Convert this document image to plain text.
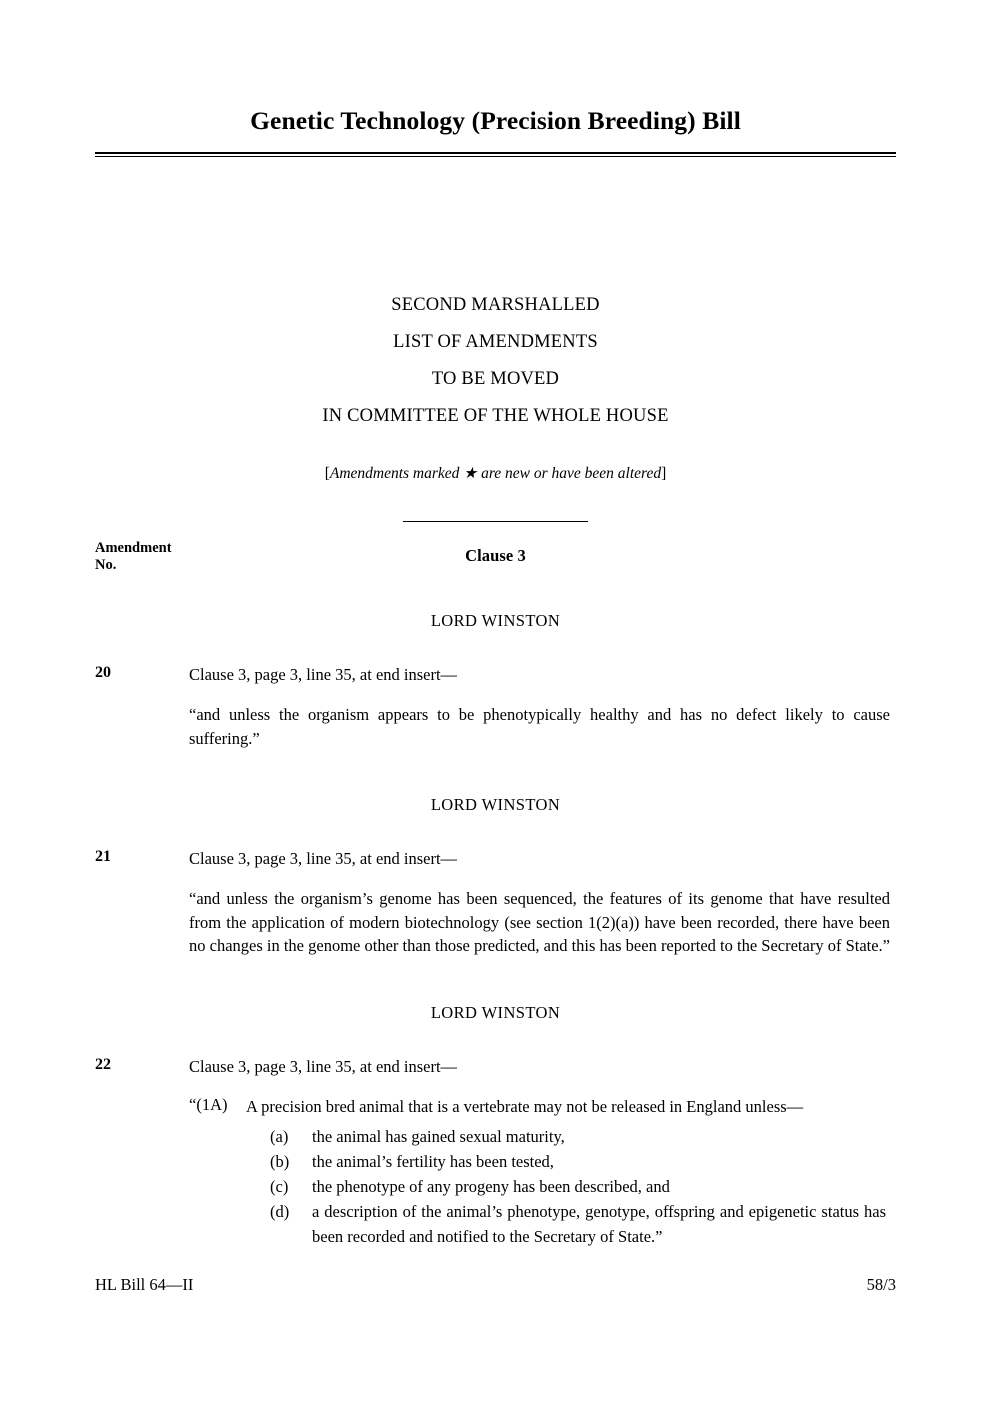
Genetic Technology (Precision Breeding) Bill
SECOND MARSHALLED
LIST OF AMENDMENTS
TO BE MOVED
IN COMMITTEE OF THE WHOLE HOUSE
[Amendments marked ★ are new or have been altered]
Amendment
No.	Clause 3
LORD WINSTON
20	Clause 3, page 3, line 35, at end insert—
“and unless the organism appears to be phenotypically healthy and has no defect likely to cause suffering.”
LORD WINSTON
21	Clause 3, page 3, line 35, at end insert—
“and unless the organism’s genome has been sequenced, the features of its genome that have resulted from the application of modern biotechnology (see section 1(2)(a)) have been recorded, there have been no changes in the genome other than those predicted, and this has been reported to the Secretary of State.”
LORD WINSTON
22	Clause 3, page 3, line 35, at end insert—
“(1A) A precision bred animal that is a vertebrate may not be released in England unless—
(a) the animal has gained sexual maturity,
(b) the animal’s fertility has been tested,
(c) the phenotype of any progeny has been described, and
(d) a description of the animal’s phenotype, genotype, offspring and epigenetic status has been recorded and notified to the Secretary of State.”
HL Bill 64—II	58/3
